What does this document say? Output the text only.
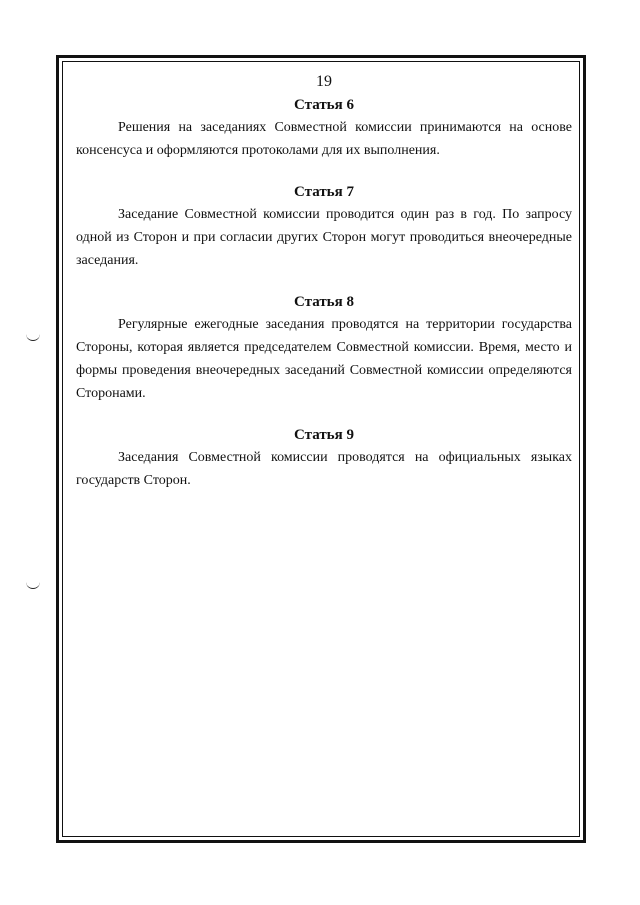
19

Статья 6

Решения на заседаниях Совместной комиссии принимаются на основе консенсуса и оформляются протоколами для их выполнения.

Статья 7

Заседание Совместной комиссии проводится один раз в год. По запросу одной из Сторон и при согласии других Сторон могут проводиться внеочередные заседания.

Статья 8

Регулярные ежегодные заседания проводятся на территории государства Стороны, которая является председателем Совместной комиссии. Время, место и формы проведения внеочередных заседаний Совместной комиссии определяются Сторонами.

Статья 9

Заседания Совместной комиссии проводятся на официальных языках государств Сторон.
